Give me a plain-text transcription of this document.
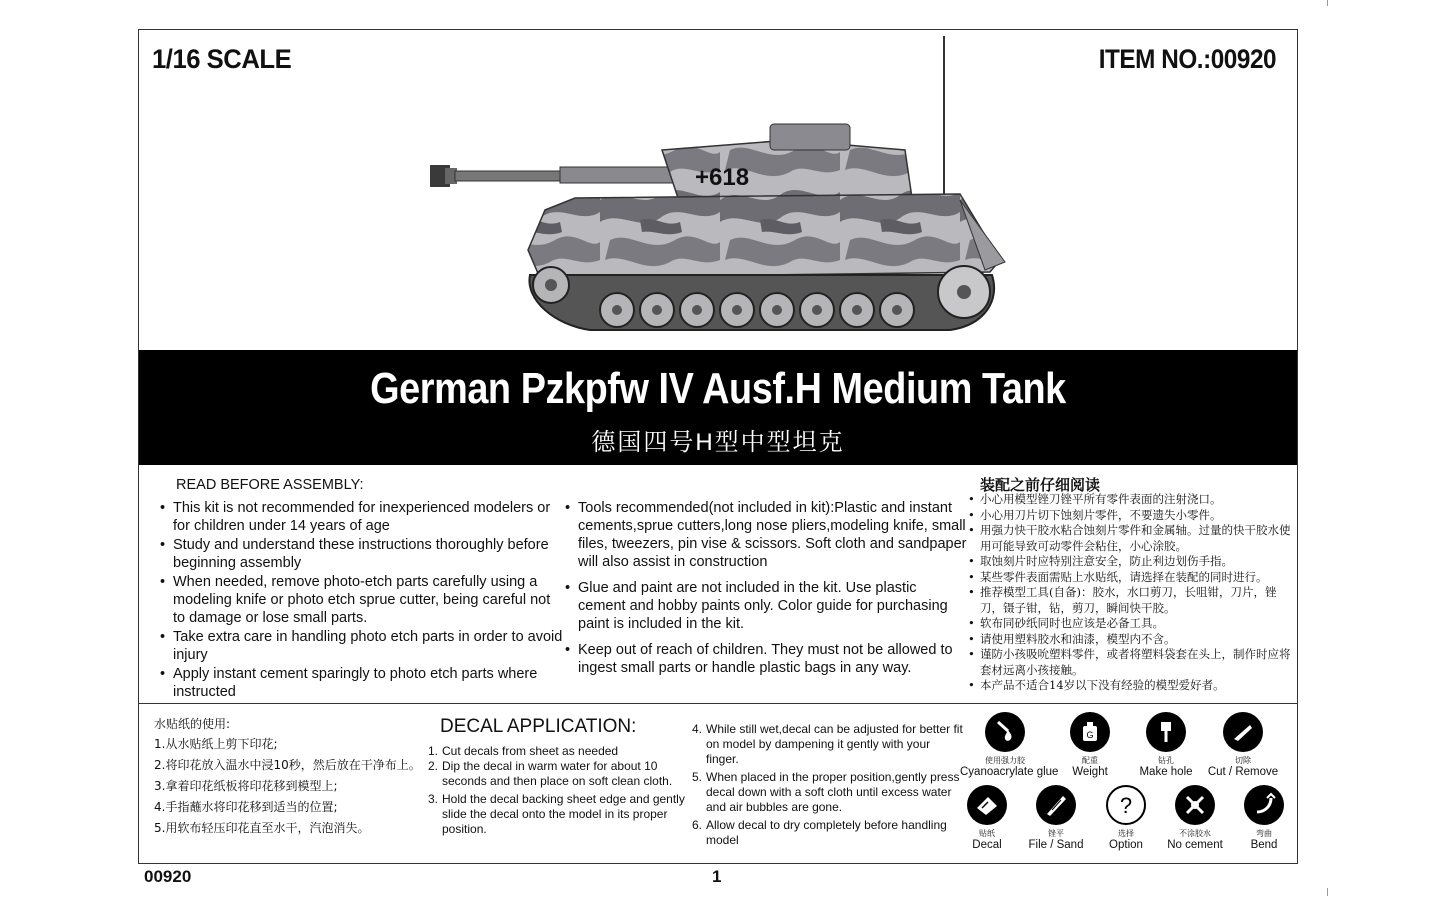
1/16 SCALE	ITEM NO.:00920
+618
German Pzkpfw IV Ausf.H Medium Tank
德国四号H型中型坦克
READ BEFORE ASSEMBLY:
• This kit is not recommended for inexperienced modelers or for children under 14 years of age
• Study and understand these instructions thoroughly before beginning assembly
• When needed, remove photo-etch parts carefully using a modeling knife or photo etch sprue cutter, being careful not to damage or lose small parts.
• Take extra care in handling photo etch parts in order to avoid injury
• Apply instant cement sparingly to photo etch parts where instructed
• Tools recommended(not included in kit):Plastic and instant cements,sprue cutters,long nose pliers,modeling knife, small files, tweezers, pin vise & scissors. Soft cloth and sandpaper will also assist in construction
• Glue and paint are not included in the kit. Use plastic cement and hobby paints only. Color guide for purchasing paint is included in the kit.
• Keep out of reach of children. They must not be allowed to ingest small parts or handle plastic bags in any way.
装配之前仔细阅读
• 小心用模型锉刀锉平所有零件表面的注射浇口。
• 小心用刀片切下蚀刻片零件，不要遗失小零件。
• 用强力快干胶水粘合蚀刻片零件和金属轴。过量的快干胶水使用可能导致可动零件会粘住，小心涂胶。
• 取蚀刻片时应特别注意安全，防止利边划伤手指。
• 某些零件表面需贴上水贴纸，请选择在装配的同时进行。
• 推荐模型工具(自备)：胶水，水口剪刀，长咀钳，刀片，锉刀，镊子钳，钻，剪刀，瞬间快干胶。
• 软布同砂纸同时也应该是必备工具。
• 请使用塑料胶水和油漆，模型内不含。
• 谨防小孩吸吮塑料零件，或者将塑料袋套在头上，制作时应将套材远离小孩接触。
• 本产品不适合14岁以下没有经验的模型爱好者。
水贴纸的使用:
1.从水贴纸上剪下印花;
2.将印花放入温水中浸10秒，然后放在干净布上。
3.拿着印花纸板将印花移到模型上;
4.手指蘸水将印花移到适当的位置;
5.用软布轻压印花直至水干，汽泡消失。
DECAL APPLICATION:
1. Cut decals from sheet as needed
2. Dip the decal in warm water for about 10 seconds and then place on soft clean cloth.
3. Hold the decal backing sheet edge and gently slide the decal onto the model in its proper position.
4. While still wet,decal can be adjusted for better fit on model by dampening it gently with your finger.
5. When placed in the proper position,gently press decal down with a soft cloth until excess water and air bubbles are gone.
6. Allow decal to dry completely before handling model
使用强力胶
Cyanoacrylate glue
G
配重
Weight
钻孔
Make hole
切除
Cut / Remove
贴纸
Decal
锉平
File / Sand
?
选择
Option
不涂胶水
No cement
弯曲
Bend
00920	1
